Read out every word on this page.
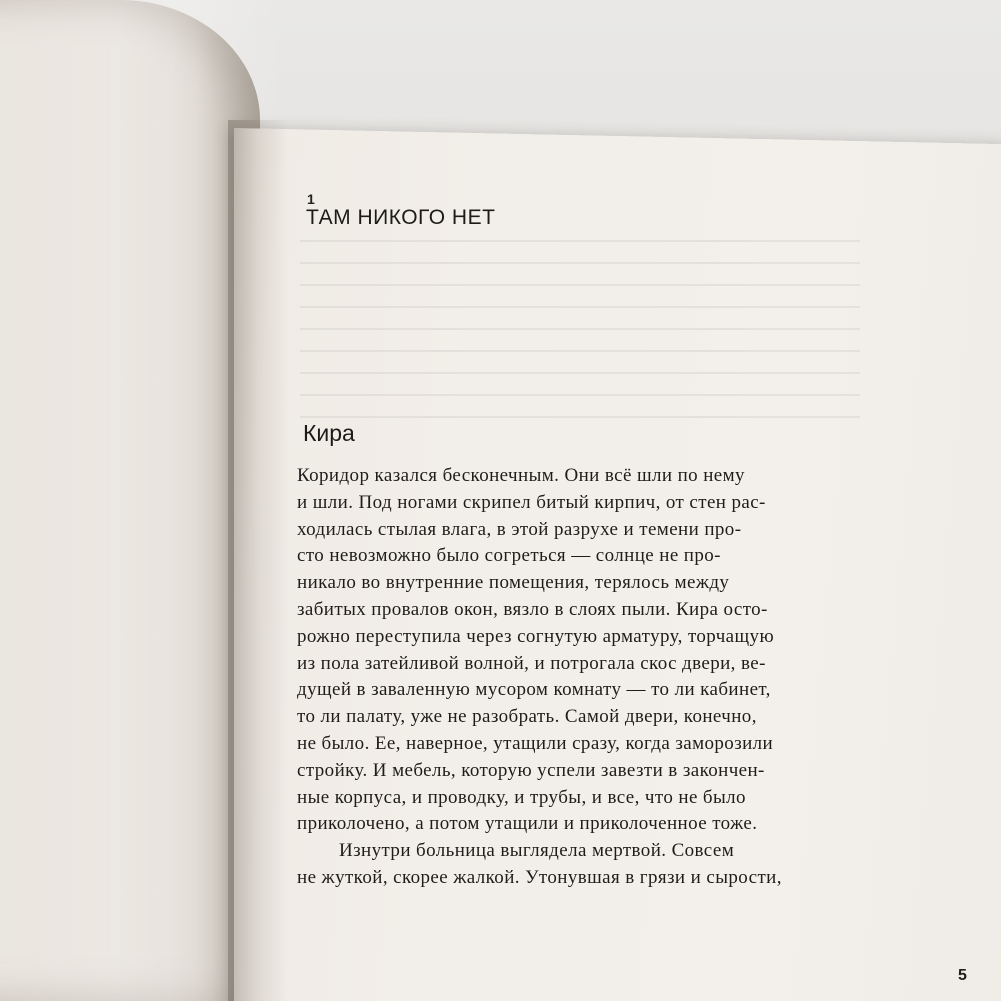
1

ТАМ НИКОГО НЕТ
Кира
Коридор казался бесконечным. Они всё шли по нему
и шли. Под ногами скрипел битый кирпич, от стен рас-
ходилась стылая влага, в этой разрухе и темени про-
сто невозможно было согреться — солнце не про-
никало во внутренние помещения, терялось между
забитых провалов окон, вязло в слоях пыли. Кира осто-
рожно переступила через согнутую арматуру, торчащую
из пола затейливой волной, и потрогала скос двери, ве-
дущей в заваленную мусором комнату — то ли кабинет,
то ли палату, уже не разобрать. Самой двери, конечно,
не было. Ее, наверное, утащили сразу, когда заморозили
стройку. И мебель, которую успели завезти в закончен-
ные корпуса, и проводку, и трубы, и все, что не было
приколочено, а потом утащили и приколоченное тоже.
Изнутри больница выглядела мертвой. Совсем
не жуткой, скорее жалкой. Утонувшая в грязи и сырости,

5
